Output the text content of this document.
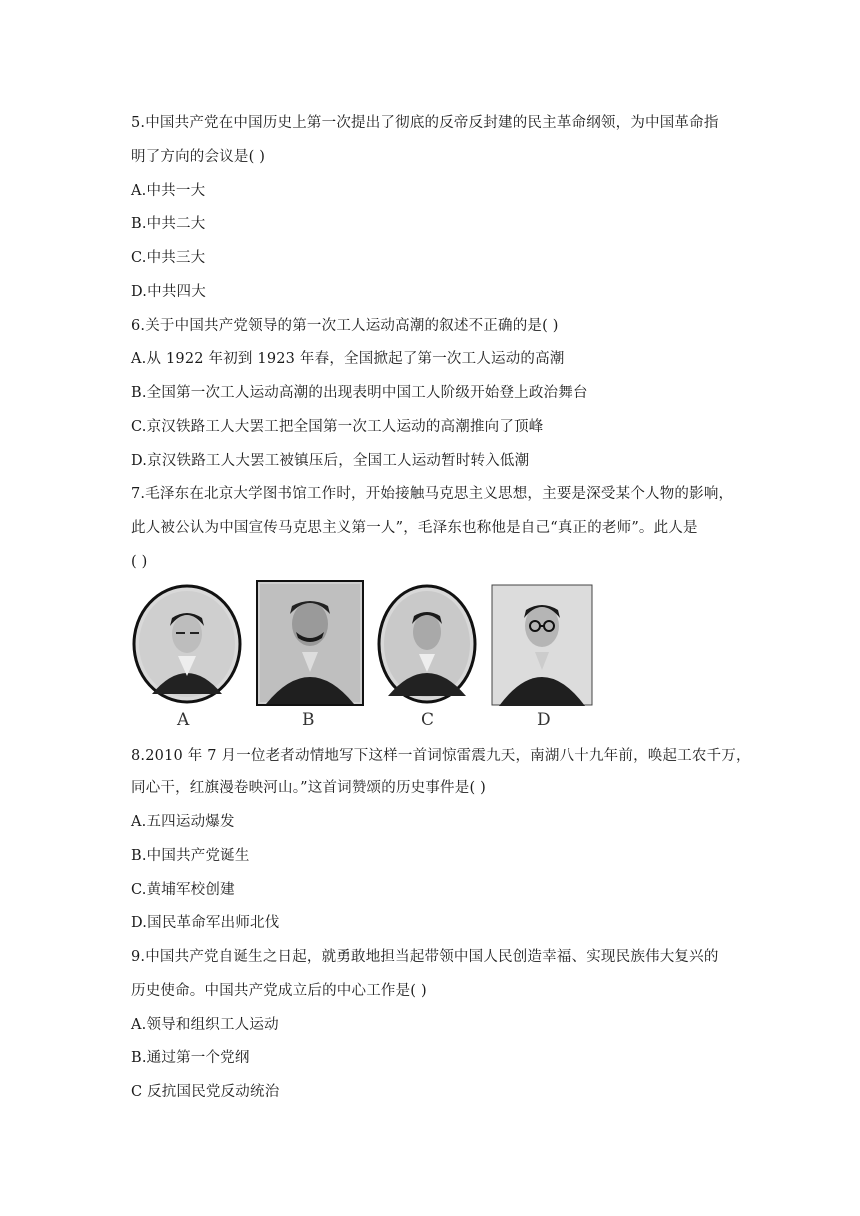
5.中国共产党在中国历史上第一次提出了彻底的反帝反封建的民主革命纲领，为中国革命指
明了方向的会议是( )
A.中共一大
B.中共二大
C.中共三大
D.中共四大
6.关于中国共产党领导的第一次工人运动高潮的叙述不正确的是( )
A.从 1922 年初到 1923 年春，全国掀起了第一次工人运动的高潮
B.全国第一次工人运动高潮的出现表明中国工人阶级开始登上政治舞台
C.京汉铁路工人大罢工把全国第一次工人运动的高潮推向了顶峰
D.京汉铁路工人大罢工被镇压后，全国工人运动暂时转入低潮
7.毛泽东在北京大学图书馆工作时，开始接触马克思主义思想，主要是深受某个人物的影响，
此人被公认为中国宣传马克思主义第一人”，毛泽东也称他是自己“真正的老师”。此人是
( )
A	B	C	D
8.2010 年 7 月一位老者动情地写下这样一首词惊雷震九天，南湖八十九年前，唤起工农千万，
同心干，红旗漫卷映河山。”这首词赞颂的历史事件是( )
A.五四运动爆发
B.中国共产党诞生
C.黄埔军校创建
D.国民革命军出师北伐
9.中国共产党自诞生之日起，就勇敢地担当起带领中国人民创造幸福、实现民族伟大复兴的
历史使命。中国共产党成立后的中心工作是( )
A.领导和组织工人运动
B.通过第一个党纲
C 反抗国民党反动统治
